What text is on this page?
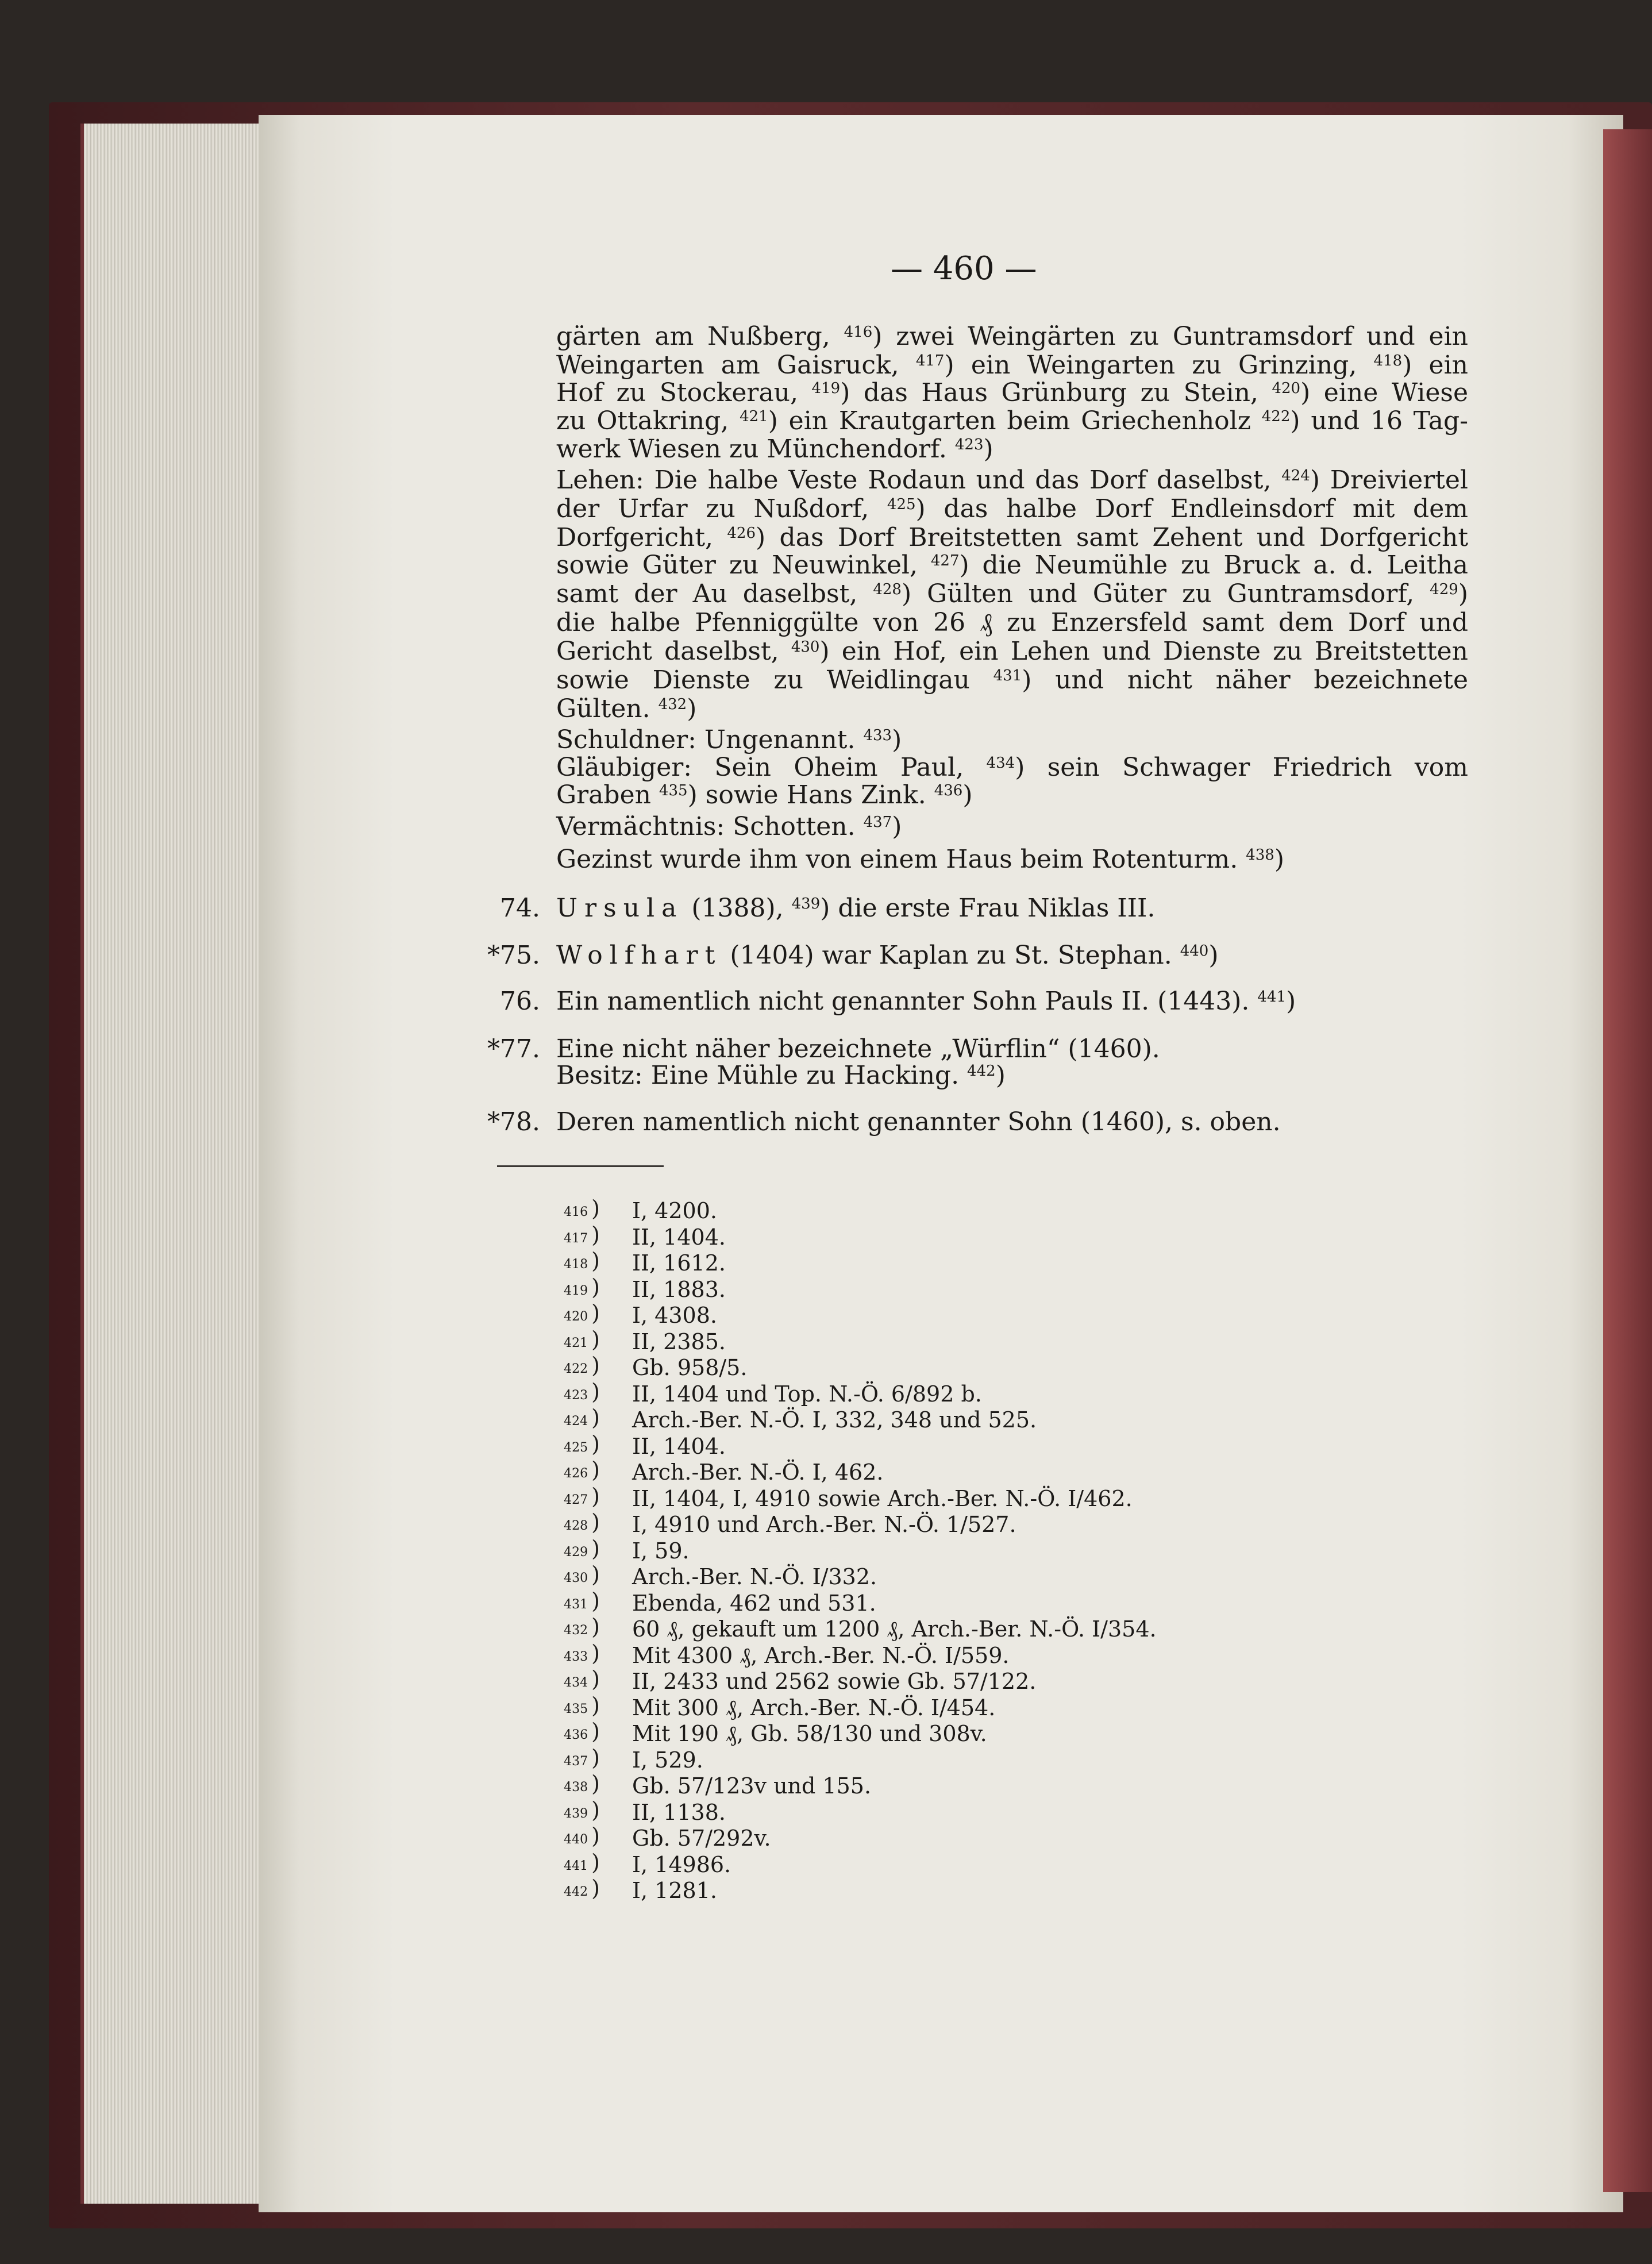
— 460 —
gärten am Nußberg, $^{416}$) zwei Weingärten zu Guntramsdorf und ein
Weingarten am Gaisruck, $^{417}$) ein Weingarten zu Grinzing, $^{418}$) ein
Hof zu Stockerau, $^{419}$) das Haus Grünburg zu Stein, $^{420}$) eine Wiese
zu Ottakring, $^{421}$) ein Krautgarten beim Griechenholz $^{422}$) und 16 Tag-
werk Wiesen zu Münchendorf. $^{423}$)
Lehen: Die halbe Veste Rodaun und das Dorf daselbst, $^{424}$) Dreiviertel
der Urfar zu Nußdorf, $^{425}$) das halbe Dorf Endleinsdorf mit dem
Dorfgericht, $^{426}$) das Dorf Breitstetten samt Zehent und Dorfgericht
sowie Güter zu Neuwinkel, $^{427}$) die Neumühle zu Bruck a. d. Leitha
samt der Au daselbst, $^{428}$) Gülten und Güter zu Guntramsdorf, $^{429}$)
die halbe Pfenniggülte von 26 ₰ zu Enzersfeld samt dem Dorf und
Gericht daselbst, $^{430}$) ein Hof, ein Lehen und Dienste zu Breitstetten
sowie Dienste zu Weidlingau $^{431}$) und nicht näher bezeichnete
Gülten. $^{432}$)
Schuldner: Ungenannt. $^{433}$)
Gläubiger: Sein Oheim Paul, $^{434}$) sein Schwager Friedrich vom
Graben $^{435}$) sowie Hans Zink. $^{436}$)
Vermächtnis: Schotten. $^{437}$)
Gezinst wurde ihm von einem Haus beim Rotenturm. $^{438}$)
74. Ursula (1388), $^{439}$) die erste Frau Niklas III.
*75. Wolfhart (1404) war Kaplan zu St. Stephan. $^{440}$)
76. Ein namentlich nicht genannter Sohn Pauls II. (1443). $^{441}$)
*77. Eine nicht näher bezeichnete „Würflin“ (1460).
Besitz: Eine Mühle zu Hacking. $^{442}$)
*78. Deren namentlich nicht genannter Sohn (1460), s. oben.
416 ) I, 4200.
417 ) II, 1404.
418 ) II, 1612.
419 ) II, 1883.
420 ) I, 4308.
421 ) II, 2385.
422 ) Gb. 958/5.
423 ) II, 1404 und Top. N.-Ö. 6/892 b.
424 ) Arch.-Ber. N.-Ö. I, 332, 348 und 525.
425 ) II, 1404.
426 ) Arch.-Ber. N.-Ö. I, 462.
427 ) II, 1404, I, 4910 sowie Arch.-Ber. N.-Ö. I/462.
428 ) I, 4910 und Arch.-Ber. N.-Ö. 1/527.
429 ) I, 59.
430 ) Arch.-Ber. N.-Ö. I/332.
431 ) Ebenda, 462 und 531.
432 ) 60 ₰, gekauft um 1200 ₰, Arch.-Ber. N.-Ö. I/354.
433 ) Mit 4300 ₰, Arch.-Ber. N.-Ö. I/559.
434 ) II, 2433 und 2562 sowie Gb. 57/122.
435 ) Mit 300 ₰, Arch.-Ber. N.-Ö. I/454.
436 ) Mit 190 ₰, Gb. 58/130 und 308v.
437 ) I, 529.
438 ) Gb. 57/123v und 155.
439 ) II, 1138.
440 ) Gb. 57/292v.
441 ) I, 14986.
442 ) I, 1281.
